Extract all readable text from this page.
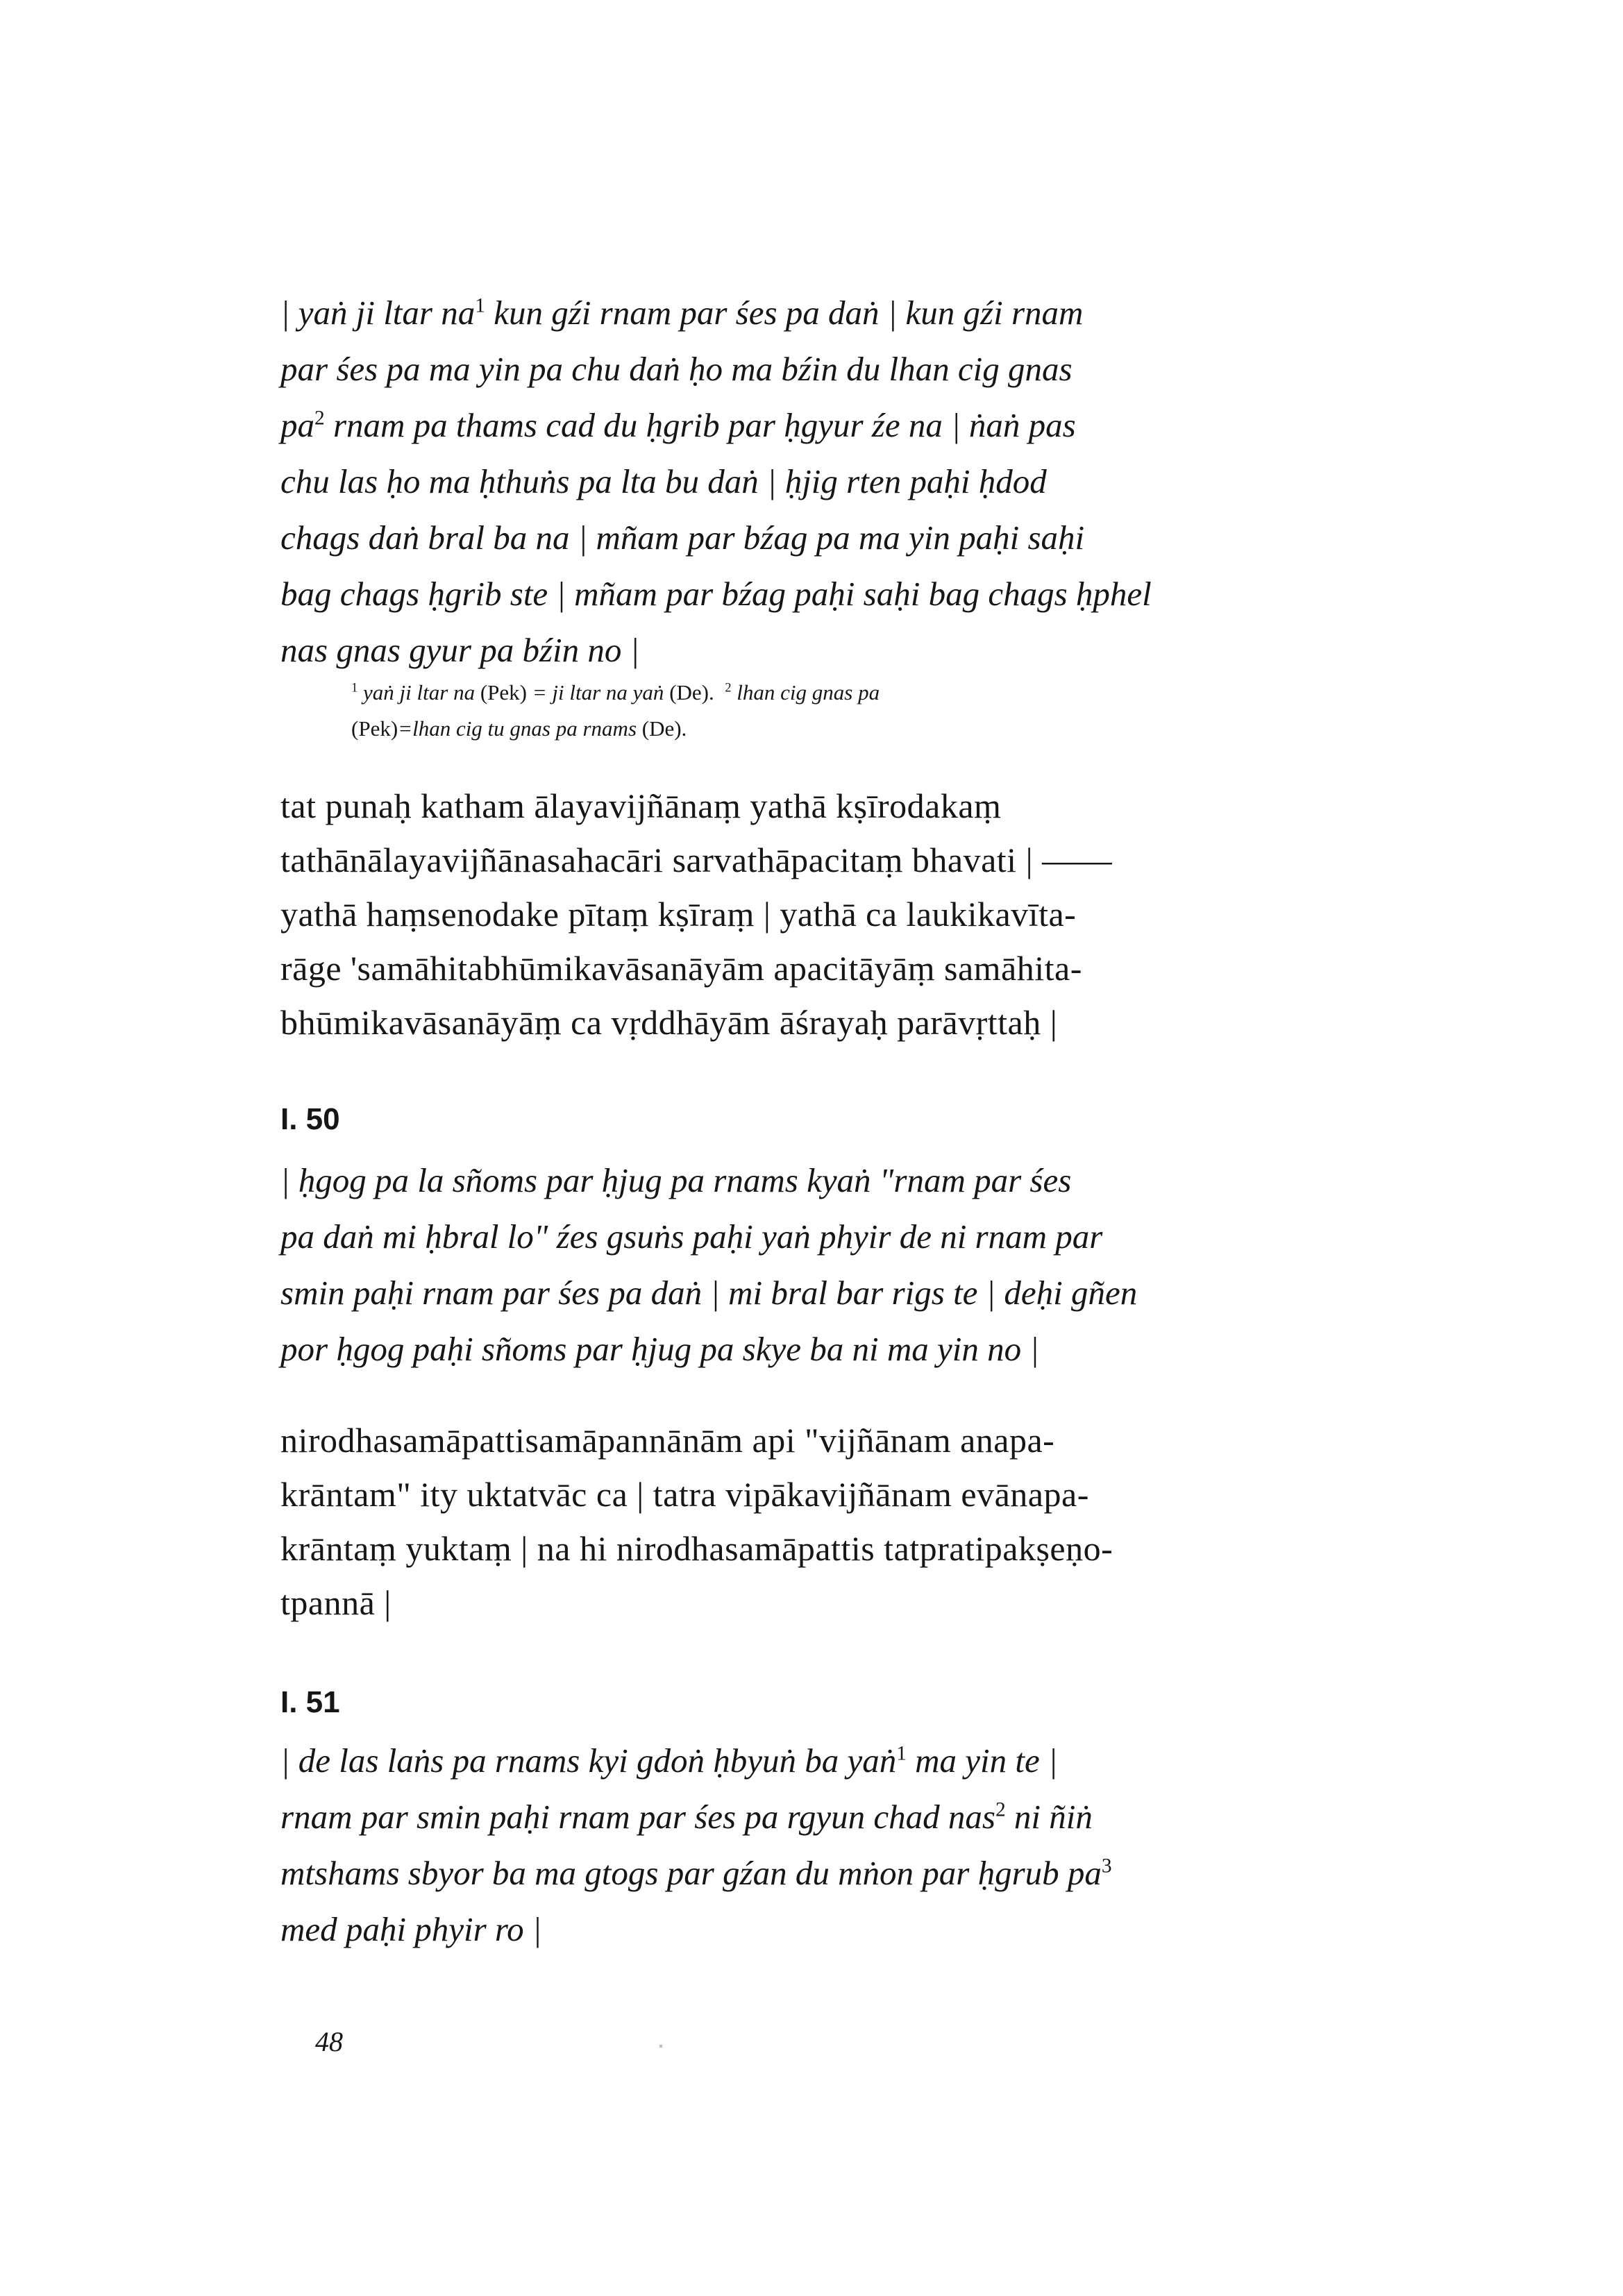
| yaṅ ji ltar $na^1$ kun gźi rnam par śes pa daṅ | kun gźi rnam
par śes pa ma yin pa chu daṅ ḥo ma bźin du lhan cig gnas
$pa^2$ rnam pa thams cad du ḥgrib par ḥgyur źe na | ṅaṅ pas
chu las ḥo ma ḥthuṅs pa lta bu daṅ | ḥjig rten paḥi ḥdod
chags daṅ bral ba na | mñam par bźag pa ma yin paḥi saḥi
bag chags ḥgrib ste | mñam par bźag paḥi saḥi bag chags ḥphel
nas gnas gyur pa bźin no |
$^1$ yaṅ ji ltar na (Pek) = ji ltar na yaṅ (De). $^2$ lhan cig gnas pa
(Pek)=lhan cig tu gnas pa rnams (De).
tat punaḥ katham ālayavijñānaṃ yathā kṣīrodakaṃ
tathānālayavijñānasahacāri sarvathāpacitaṃ bhavati | ——
yathā haṃsenodake pītaṃ kṣīraṃ | yathā ca laukikavīta-
rāge 'samāhitabhūmikavāsanāyām apacitāyāṃ samāhita-
bhūmikavāsanāyāṃ ca vṛddhāyām āśrayaḥ parāvṛttaḥ |
I. 50
| ḥgog pa la sñoms par ḥjug pa rnams kyaṅ "rnam par śes
pa daṅ mi ḥbral lo" źes gsuṅs paḥi yaṅ phyir de ni rnam par
smin paḥi rnam par śes pa daṅ | mi bral bar rigs te | deḥi gñen
por ḥgog paḥi sñoms par ḥjug pa skye ba ni ma yin no |
nirodhasamāpattisamāpannānām api "vijñānam anapa-
krāntam" ity uktatvāc ca | tatra vipākavijñānam evānapa-
krāntaṃ yuktaṃ | na hi nirodhasamāpattis tatpratipakṣeṇo-
tpannā |
I. 51
| de las laṅs pa rnams kyi gdoṅ ḥbyuṅ ba yaṅ$^1$ ma yin te |
rnam par smin paḥi rnam par śes pa rgyun chad nas$^2$ ni ñiṅ
mtshams sbyor ba ma gtogs par gźan du mṅon par ḥgrub $pa^3$
med paḥi phyir ro |
48
